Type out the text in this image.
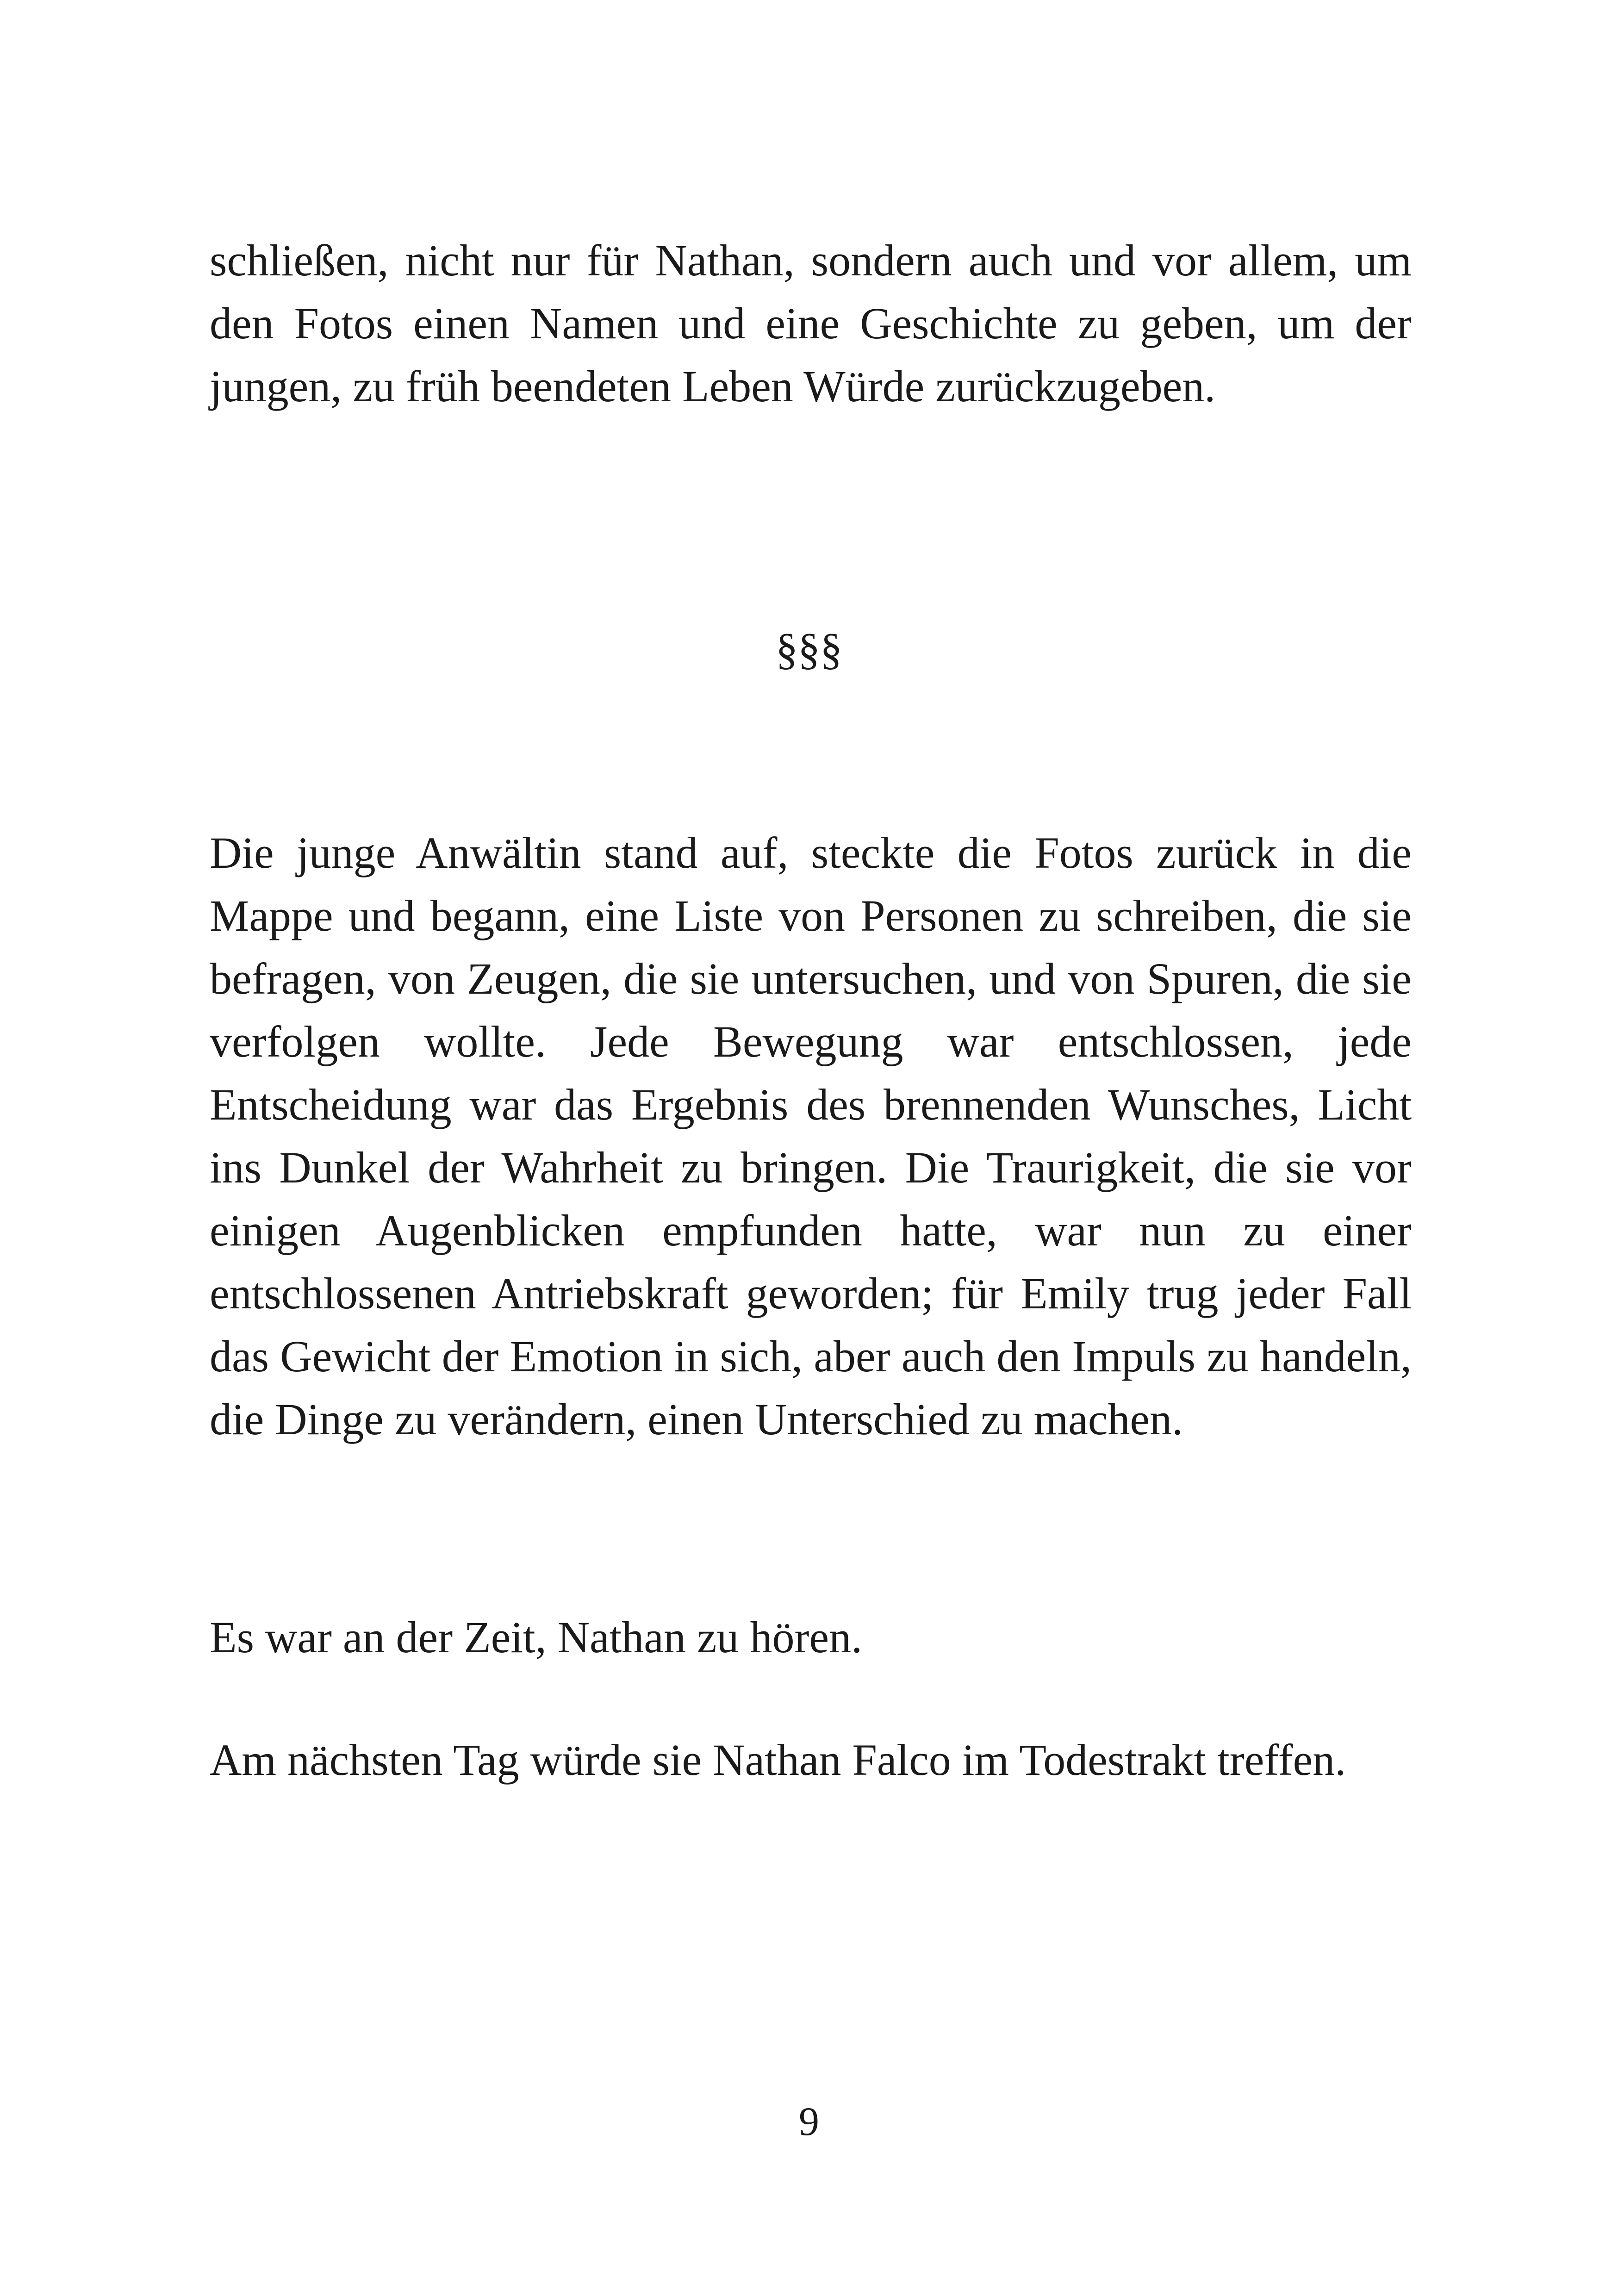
schließen, nicht nur für Nathan, sondern auch und vor allem, um den Fotos einen Namen und eine Geschichte zu geben, um der jungen, zu früh beendeten Leben Würde zurückzugeben.

§§§

Die junge Anwältin stand auf, steckte die Fotos zurück in die Mappe und begann, eine Liste von Personen zu schreiben, die sie befragen, von Zeugen, die sie untersuchen, und von Spuren, die sie verfolgen wollte. Jede Bewegung war entschlossen, jede Entscheidung war das Ergebnis des brennenden Wunsches, Licht ins Dunkel der Wahrheit zu bringen. Die Traurigkeit, die sie vor einigen Augenblicken empfunden hatte, war nun zu einer entschlossenen Antriebskraft geworden; für Emily trug jeder Fall das Gewicht der Emotion in sich, aber auch den Impuls zu handeln, die Dinge zu verändern, einen Unterschied zu machen.

Es war an der Zeit, Nathan zu hören.

Am nächsten Tag würde sie Nathan Falco im Todestrakt treffen.

9
